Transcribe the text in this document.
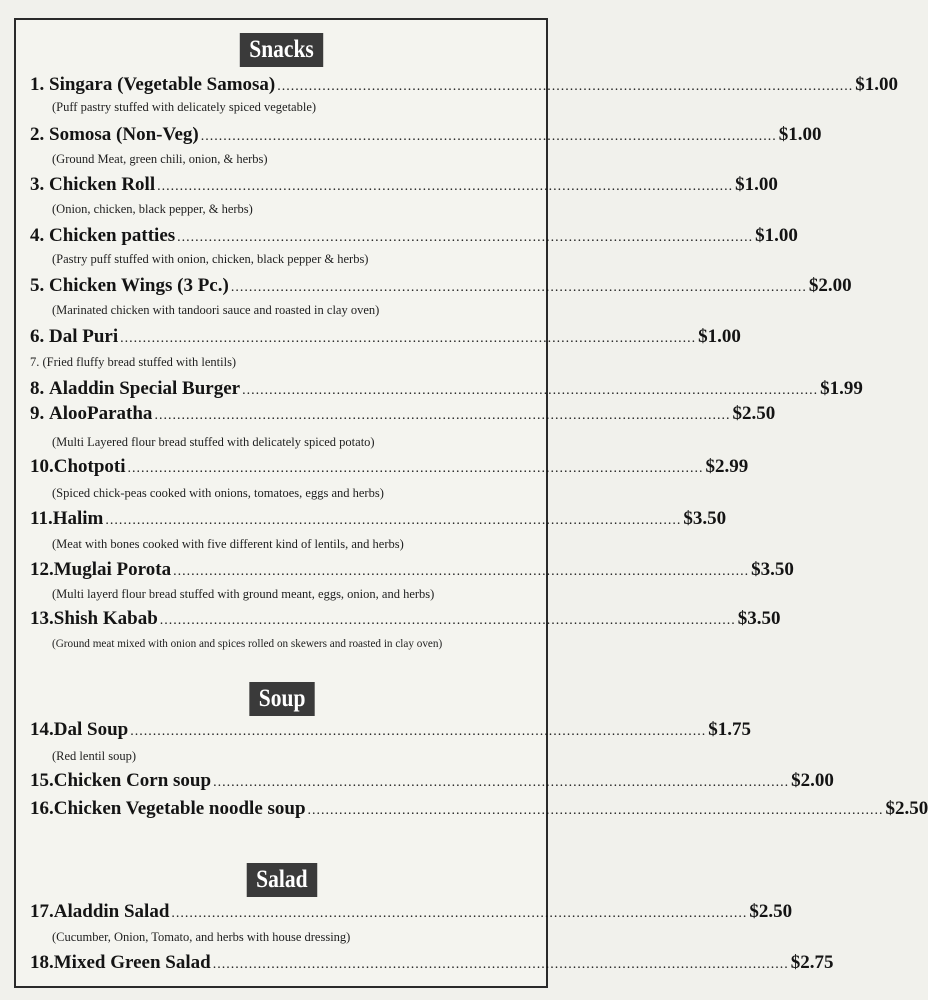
Snacks
Soup
Salad
1.
Singara (Vegetable Samosa) ................................................................................................................................ $1.00
(Puff pastry stuffed with delicately spiced vegetable)
2.
Somosa (Non-Veg) ................................................................................................................................ $1.00
(Ground Meat, green chili, onion, & herbs)
3.
Chicken Roll ................................................................................................................................ $1.00
(Onion, chicken, black pepper, & herbs)
4.
Chicken patties ................................................................................................................................ $1.00
(Pastry puff stuffed with onion, chicken, black pepper & herbs)
5.
Chicken Wings (3 Pc.) ................................................................................................................................ $2.00
(Marinated chicken with tandoori sauce and roasted in clay oven)
6.
Dal Puri ................................................................................................................................ $1.00
7. (Fried fluffy bread stuffed with lentils)
8.
Aladdin Special Burger ................................................................................................................................ $1.99
9.
AlooParatha ................................................................................................................................ $2.50
(Multi Layered flour bread stuffed with delicately spiced potato)
10. Chotpoti ................................................................................................................................ $2.99
(Spiced chick-peas cooked with onions, tomatoes, eggs and herbs)
11. Halim ................................................................................................................................ $3.50
(Meat with bones cooked with five different kind of lentils, and herbs)
12. Muglai Porota ................................................................................................................................ $3.50
(Multi layerd flour bread stuffed with ground meant, eggs, onion, and herbs)
13. Shish Kabab ................................................................................................................................ $3.50
(Ground meat mixed with onion and spices rolled on skewers and roasted in clay oven)
14. Dal Soup ................................................................................................................................ $1.75
(Red lentil soup)
15. Chicken Corn soup ................................................................................................................................ $2.00
16. Chicken Vegetable noodle soup ................................................................................................................................ $2.50
17. Aladdin Salad ................................................................................................................................ $2.50
(Cucumber, Onion, Tomato, and herbs with house dressing)
18. Mixed Green Salad ................................................................................................................................ $2.75
